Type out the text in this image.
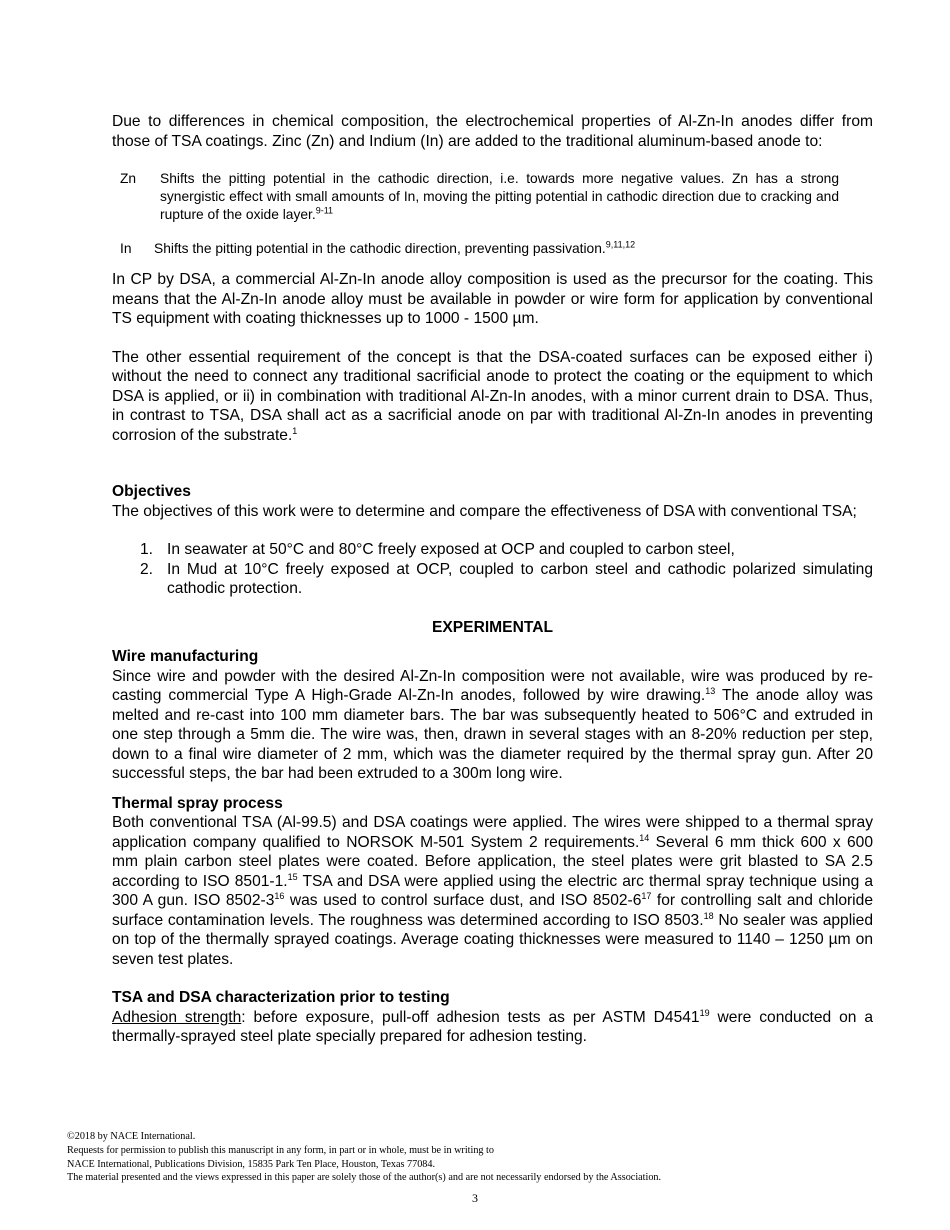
Due to differences in chemical composition, the electrochemical properties of Al-Zn-In anodes differ from those of TSA coatings. Zinc (Zn) and Indium (In) are added to the traditional aluminum-based anode to:

Zn Shifts the pitting potential in the cathodic direction, i.e. towards more negative values. Zn has a strong synergistic effect with small amounts of In, moving the pitting potential in cathodic direction due to cracking and rupture of the oxide layer.$^{9-11}$
In Shifts the pitting potential in the cathodic direction, preventing passivation.$^{9,11,12}$

In CP by DSA, a commercial Al-Zn-In anode alloy composition is used as the precursor for the coating. This means that the Al-Zn-In anode alloy must be available in powder or wire form for application by conventional TS equipment with coating thicknesses up to 1000 - 1500 µm.

The other essential requirement of the concept is that the DSA-coated surfaces can be exposed either i) without the need to connect any traditional sacrificial anode to protect the coating or the equipment to which DSA is applied, or ii) in combination with traditional Al-Zn-In anodes, with a minor current drain to DSA. Thus, in contrast to TSA, DSA shall act as a sacrificial anode on par with traditional Al-Zn-In anodes in preventing corrosion of the substrate.$^1$

Objectives

The objectives of this work were to determine and compare the effectiveness of DSA with conventional TSA;

1. In seawater at 50°C and 80°C freely exposed at OCP and coupled to carbon steel,
2. In Mud at 10°C freely exposed at OCP, coupled to carbon steel and cathodic polarized simulating cathodic protection.

EXPERIMENTAL

Wire manufacturing

Since wire and powder with the desired Al-Zn-In composition were not available, wire was produced by re-casting commercial Type A High-Grade Al-Zn-In anodes, followed by wire drawing.$^{13}$ The anode alloy was melted and re-cast into 100 mm diameter bars. The bar was subsequently heated to 506°C and extruded in one step through a 5mm die. The wire was, then, drawn in several stages with an 8-20% reduction per step, down to a final wire diameter of 2 mm, which was the diameter required by the thermal spray gun. After 20 successful steps, the bar had been extruded to a 300m long wire.

Thermal spray process

Both conventional TSA (Al-99.5) and DSA coatings were applied. The wires were shipped to a thermal spray application company qualified to NORSOK M-501 System 2 requirements.$^{14}$ Several 6 mm thick 600 x 600 mm plain carbon steel plates were coated. Before application, the steel plates were grit blasted to SA 2.5 according to ISO 8501-1.15 TSA and DSA were applied using the electric arc thermal spray technique using a 300 A gun. ISO $8502-3^{16}$ was used to control surface dust, and ISO $8502-6^{17}$ for controlling salt and chloride surface contamination levels. The roughness was determined according to ISO 8503.18 No sealer was applied on top of the thermally sprayed coatings. Average coating thicknesses were measured to 1140 – 1250 µm on seven test plates.

TSA and DSA characterization prior to testing

Adhesion strength: before exposure, pull-off adhesion tests as per ASTM D4541$^{19}$ were conducted on a thermally-sprayed steel plate specially prepared for adhesion testing.

©2018 by NACE International.
Requests for permission to publish this manuscript in any form, in part or in whole, must be in writing to
NACE International, Publications Division, 15835 Park Ten Place, Houston, Texas 77084.
The material presented and the views expressed in this paper are solely those of the author(s) and are not necessarily endorsed by the Association.
3
